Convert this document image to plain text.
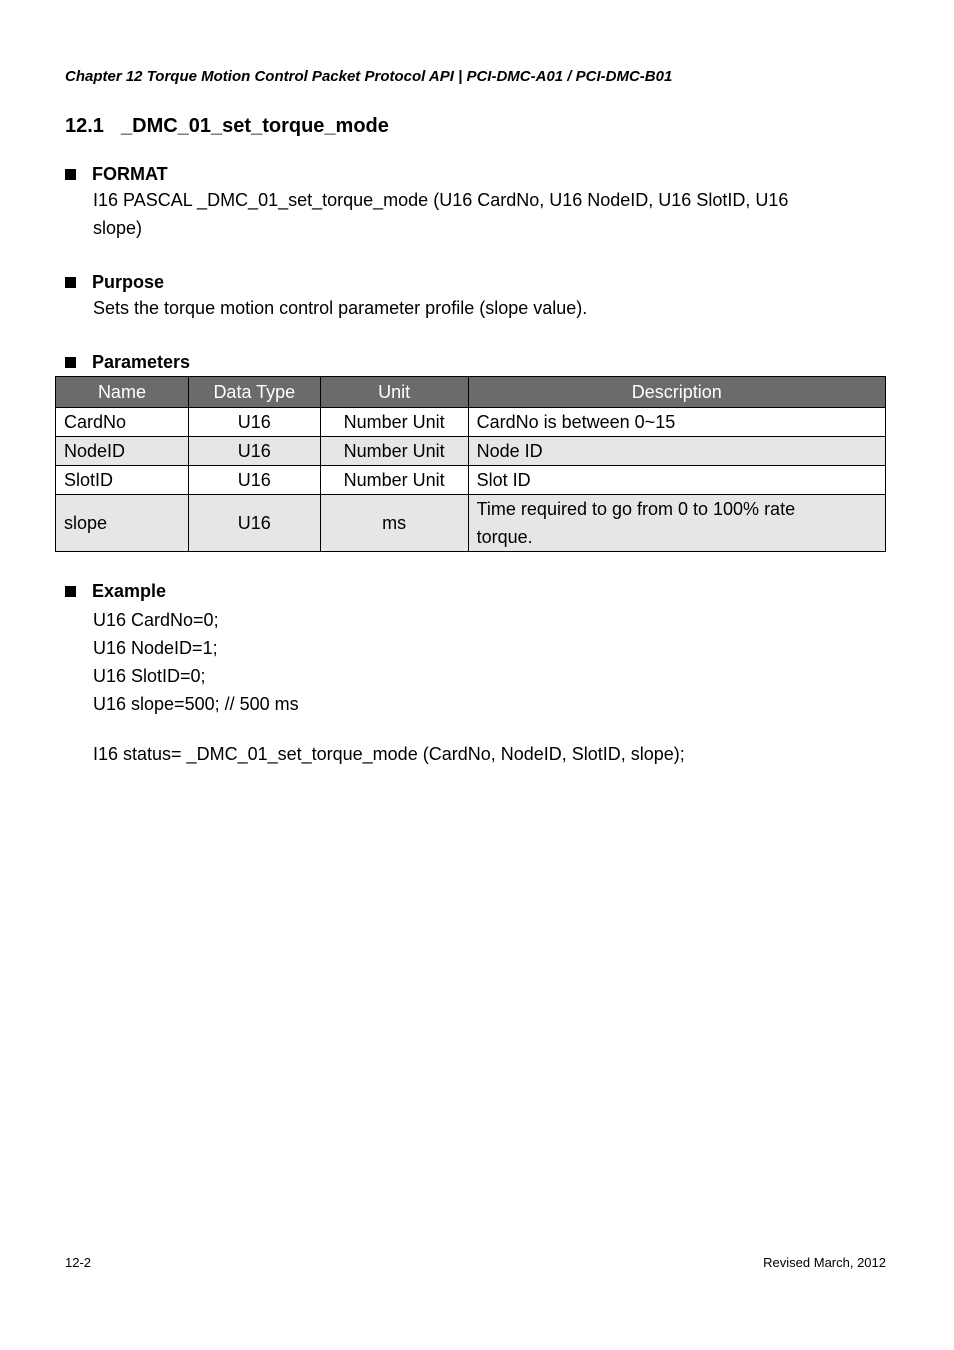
Chapter 12 Torque Motion Control Packet Protocol API | PCI-DMC-A01 / PCI-DMC-B01
12.1 _DMC_01_set_torque_mode
FORMAT

I16 PASCAL _DMC_01_set_torque_mode (U16 CardNo, U16 NodeID, U16 SlotID, U16

slope)

Purpose

Sets the torque motion control parameter profile (slope value).

Parameters
Name	Data Type	Unit	Description
CardNo	U16	Number Unit	CardNo is between 0~15
NodeID	U16	Number Unit	Node ID
SlotID	U16	Number Unit	Slot ID
slope	U16	ms	Time required to go from 0 to 100% rate
torque.
Example

U16 CardNo=0;

U16 NodeID=1;

U16 SlotID=0;

U16 slope=500; // 500 ms

I16 status= _DMC_01_set_torque_mode (CardNo, NodeID, SlotID, slope);

12-2	Revised March, 2012
